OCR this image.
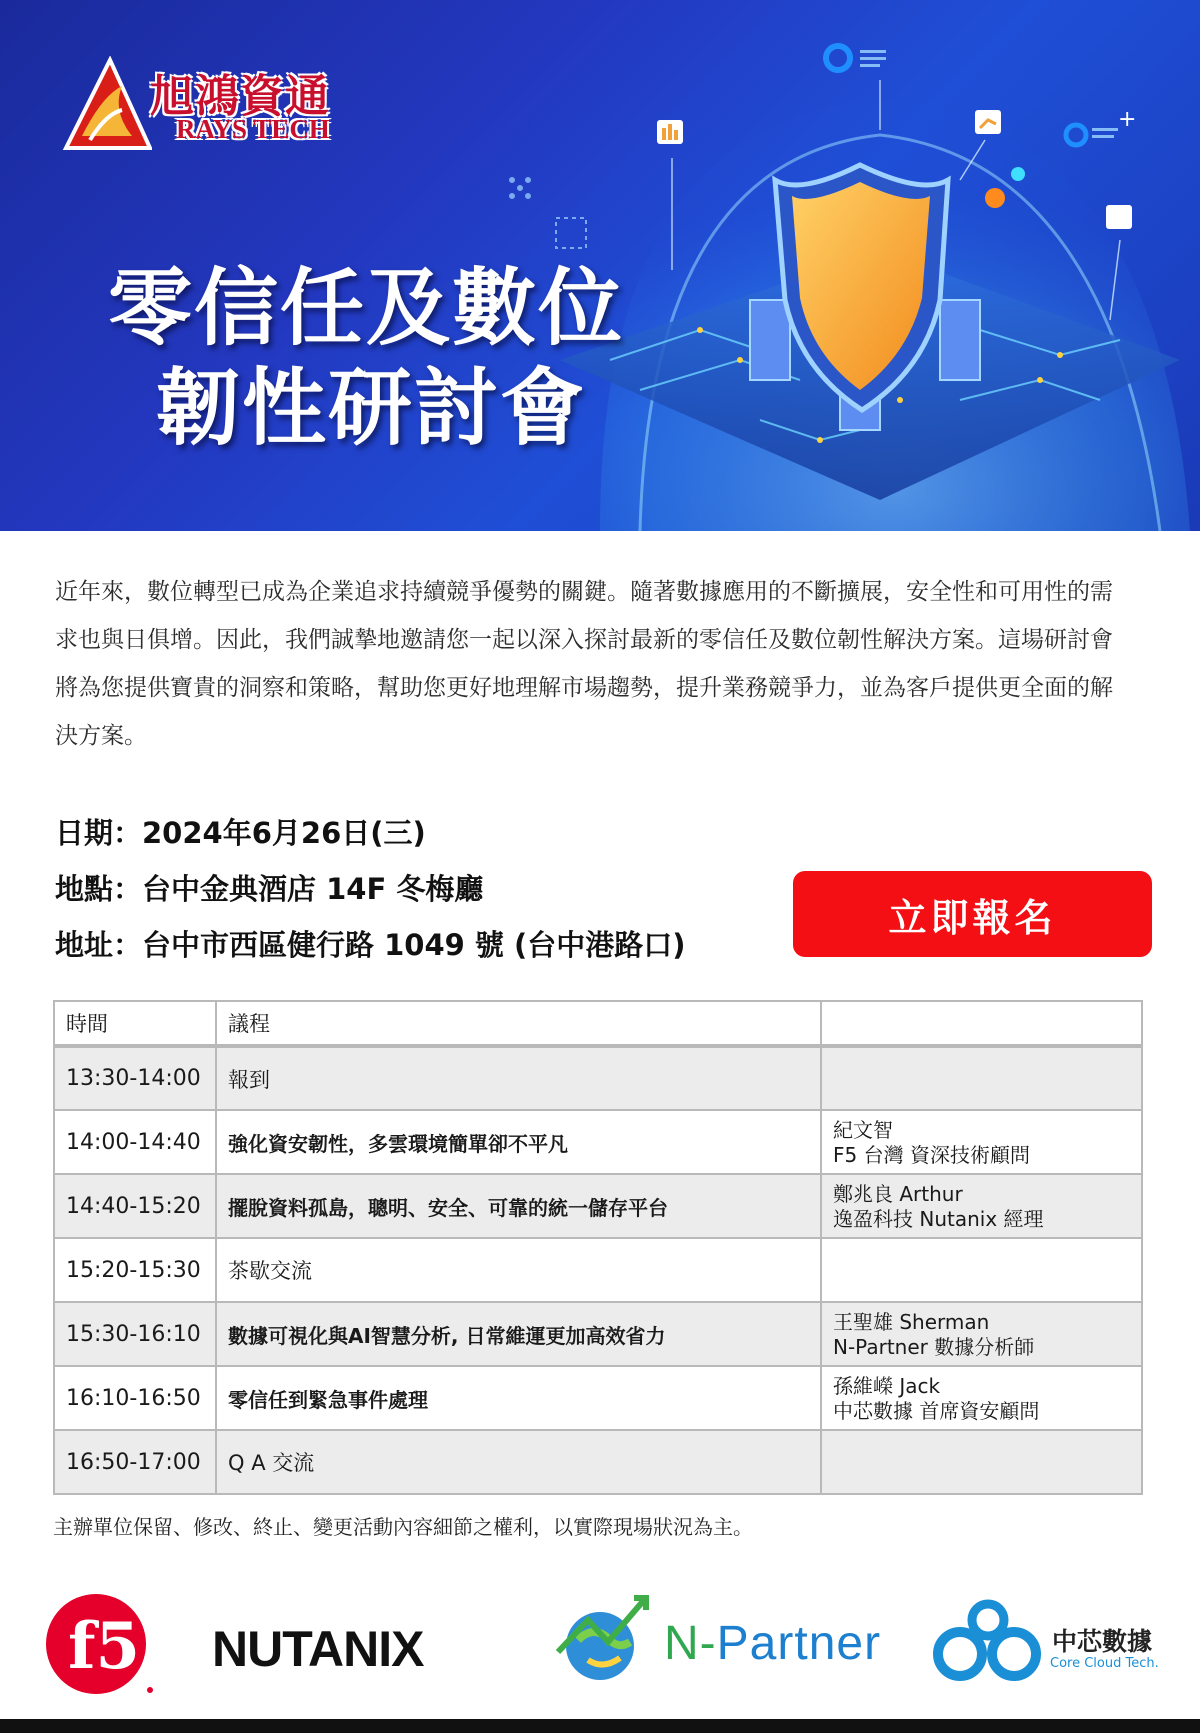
+
旭鴻資通
RAYS TECH
零信任及數位
韌性研討會

近年來，數位轉型已成為企業追求持續競爭優勢的關鍵。隨著數據應用的不斷擴展，安全性和可用性的需求也與日俱增。因此，我們誠摯地邀請您一起以深入探討最新的零信任及數位韌性解決方案。這場研討會將為您提供寶貴的洞察和策略，幫助您更好地理解市場趨勢，提升業務競爭力，並為客戶提供更全面的解決方案。

日期：2024年6月26日(三)
地點：台中金典酒店 14F 冬梅廳
地址：台中市西區健行路 1049 號 (台中港路口)
立即報名
時間	議程	
13:30-14:00	報到	

14:00-14:40	強化資安韌性，多雲環境簡單卻不平凡	紀文智
F5 台灣 資深技術顧問

14:40-15:20	擺脫資料孤島，聰明、安全、可靠的統一儲存平台	鄭兆良 Arthur
逸盈科技 Nutanix 經理

15:20-15:30	茶歇交流	

15:30-16:10	數據可視化與AI智慧分析, 日常維運更加高效省力	王聖雄 Sherman
N-Partner 數據分析師

16:10-16:50	零信任到緊急事件處理	孫維嶸 Jack
中芯數據 首席資安顧問

16:50-17:00	Q A 交流	
主辦單位保留、修改、終止、變更活動內容細節之權利，以實際現場狀況為主。
f5 NUTANIX	N-Partner	中芯數據
Core Cloud Tech.
